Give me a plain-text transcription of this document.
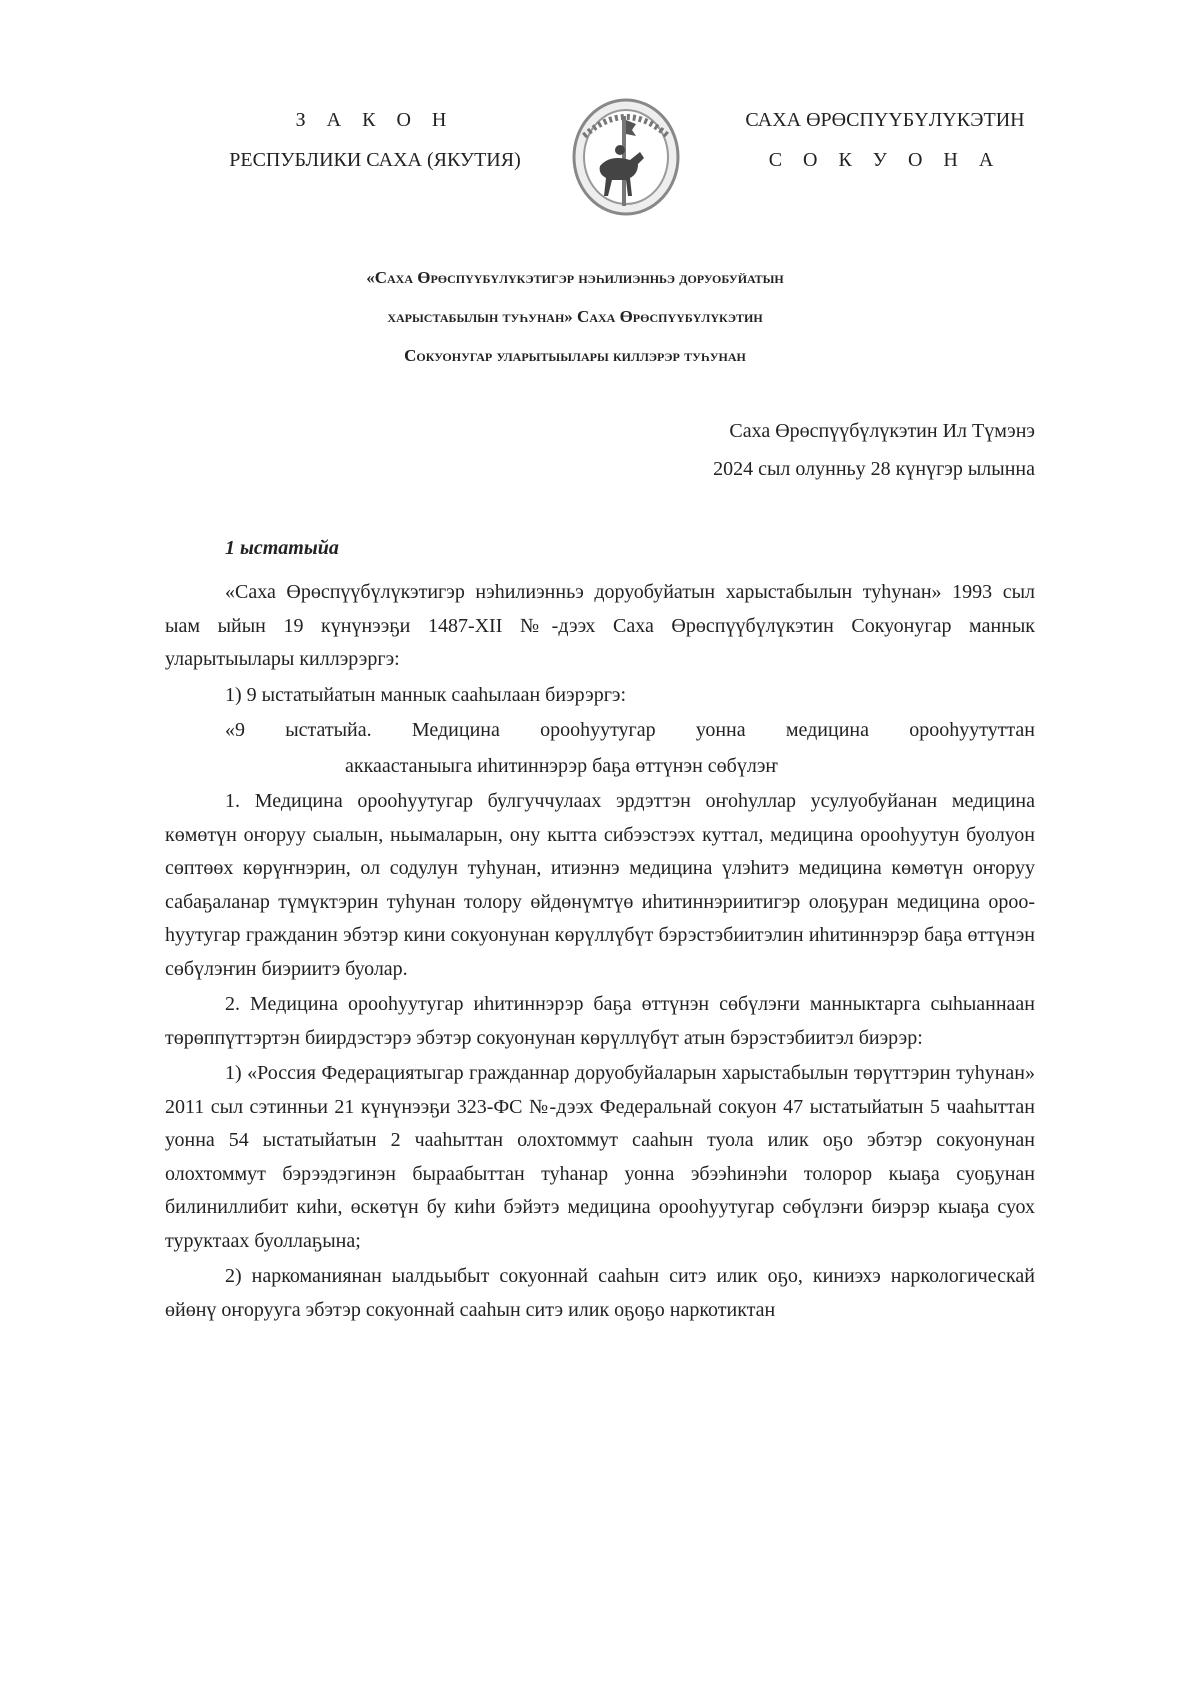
З А К О Н
РЕСПУБЛИКИ САХА (ЯКУТИЯ)
САХА ӨРӨСПҮҮБҮЛҮКЭТИН
С О К У О Н А
«Саха Өрөспүүбүлүкэтигэр нэһилиэнньэ доруобуйатын
харыстабылын туһунан» Саха Өрөспүүбүлүкэтин
Сокуонугар уларытыылары киллэрэр туһунан
Саха Өрөспүүбүлүкэтин Ил Түмэнэ
2024 сыл олунньу 28 күнүгэр ылынна
1 ыстатыйа

«Саха Өрөспүүбүлүкэтигэр нэһилиэнньэ доруобуйатын харыстабылын туһунан» 1993 сыл ыам ыйын 19 күнүнээҕи 1487-XII №-дээх Саха Өрөспүүбүлүкэтин Сокуонугар маннык уларытыылары киллэрэргэ:

1) 9 ыстатыйатын маннык сааһылаан биэрэргэ:

«9 ыстатыйа. Медицина орооһуутугар уонна медицина орооһуутуттан

аккаастаныыга иһитиннэрэр баҕа өттүнэн сөбүлэҥ

1. Медицина орооһуутугар булгуччулаах эрдэттэн оҥоһуллар усулуобуйанан медицина көмөтүн оҥоруу сыалын, ньымаларын, ону кытта сибээстээх куттал, медицина орооһуутун буолуон сөптөөх көрүҥнэрин, ол содулун туһунан, итиэннэ медицина үлэһитэ медицина көмөтүн оҥоруу сабаҕаланар түмүктэрин туһунан толору өйдөнүмтүө иһитиннэриитигэр олоҕуран медицина орооһуутугар гражданин эбэтэр кини сокуонунан көрүллүбүт бэрэстэбиитэлин иһитиннэрэр баҕа өттүнэн сөбүлэҥин биэриитэ буолар.

2. Медицина орооһуутугар иһитиннэрэр баҕа өттүнэн сөбүлэҥи манныктарга сыһыаннаан төрөппүттэртэн биирдэстэрэ эбэтэр сокуонунан көрүллүбүт атын бэрэстэбиитэл биэрэр:

1) «Россия Федерациятыгар гражданнар доруобуйаларын харыстабылын төрүттэрин туһунан» 2011 сыл сэтинньи 21 күнүнээҕи 323-ФС №-дээх Федеральнай сокуон 47 ыстатыйатын 5 чааһыттан уонна 54 ыстатыйатын 2 чааһыттан олохтоммут сааһын туола илик оҕо эбэтэр сокуонунан олохтоммут бэрээдэгинэн быраабыттан туһанар уонна эбээһинэһи толорор кыаҕа суоҕунан билиниллибит киһи, өскөтүн бу киһи бэйэтэ медицина орооһуутугар сөбүлэҥи биэрэр кыаҕа суох туруктаах буоллаҕына;

2) наркоманиянан ыалдьыбыт сокуоннай сааһын ситэ илик оҕо, киниэхэ наркологическай өйөнү оҥорууга эбэтэр сокуоннай сааһын ситэ илик оҕоҕо наркотиктан
